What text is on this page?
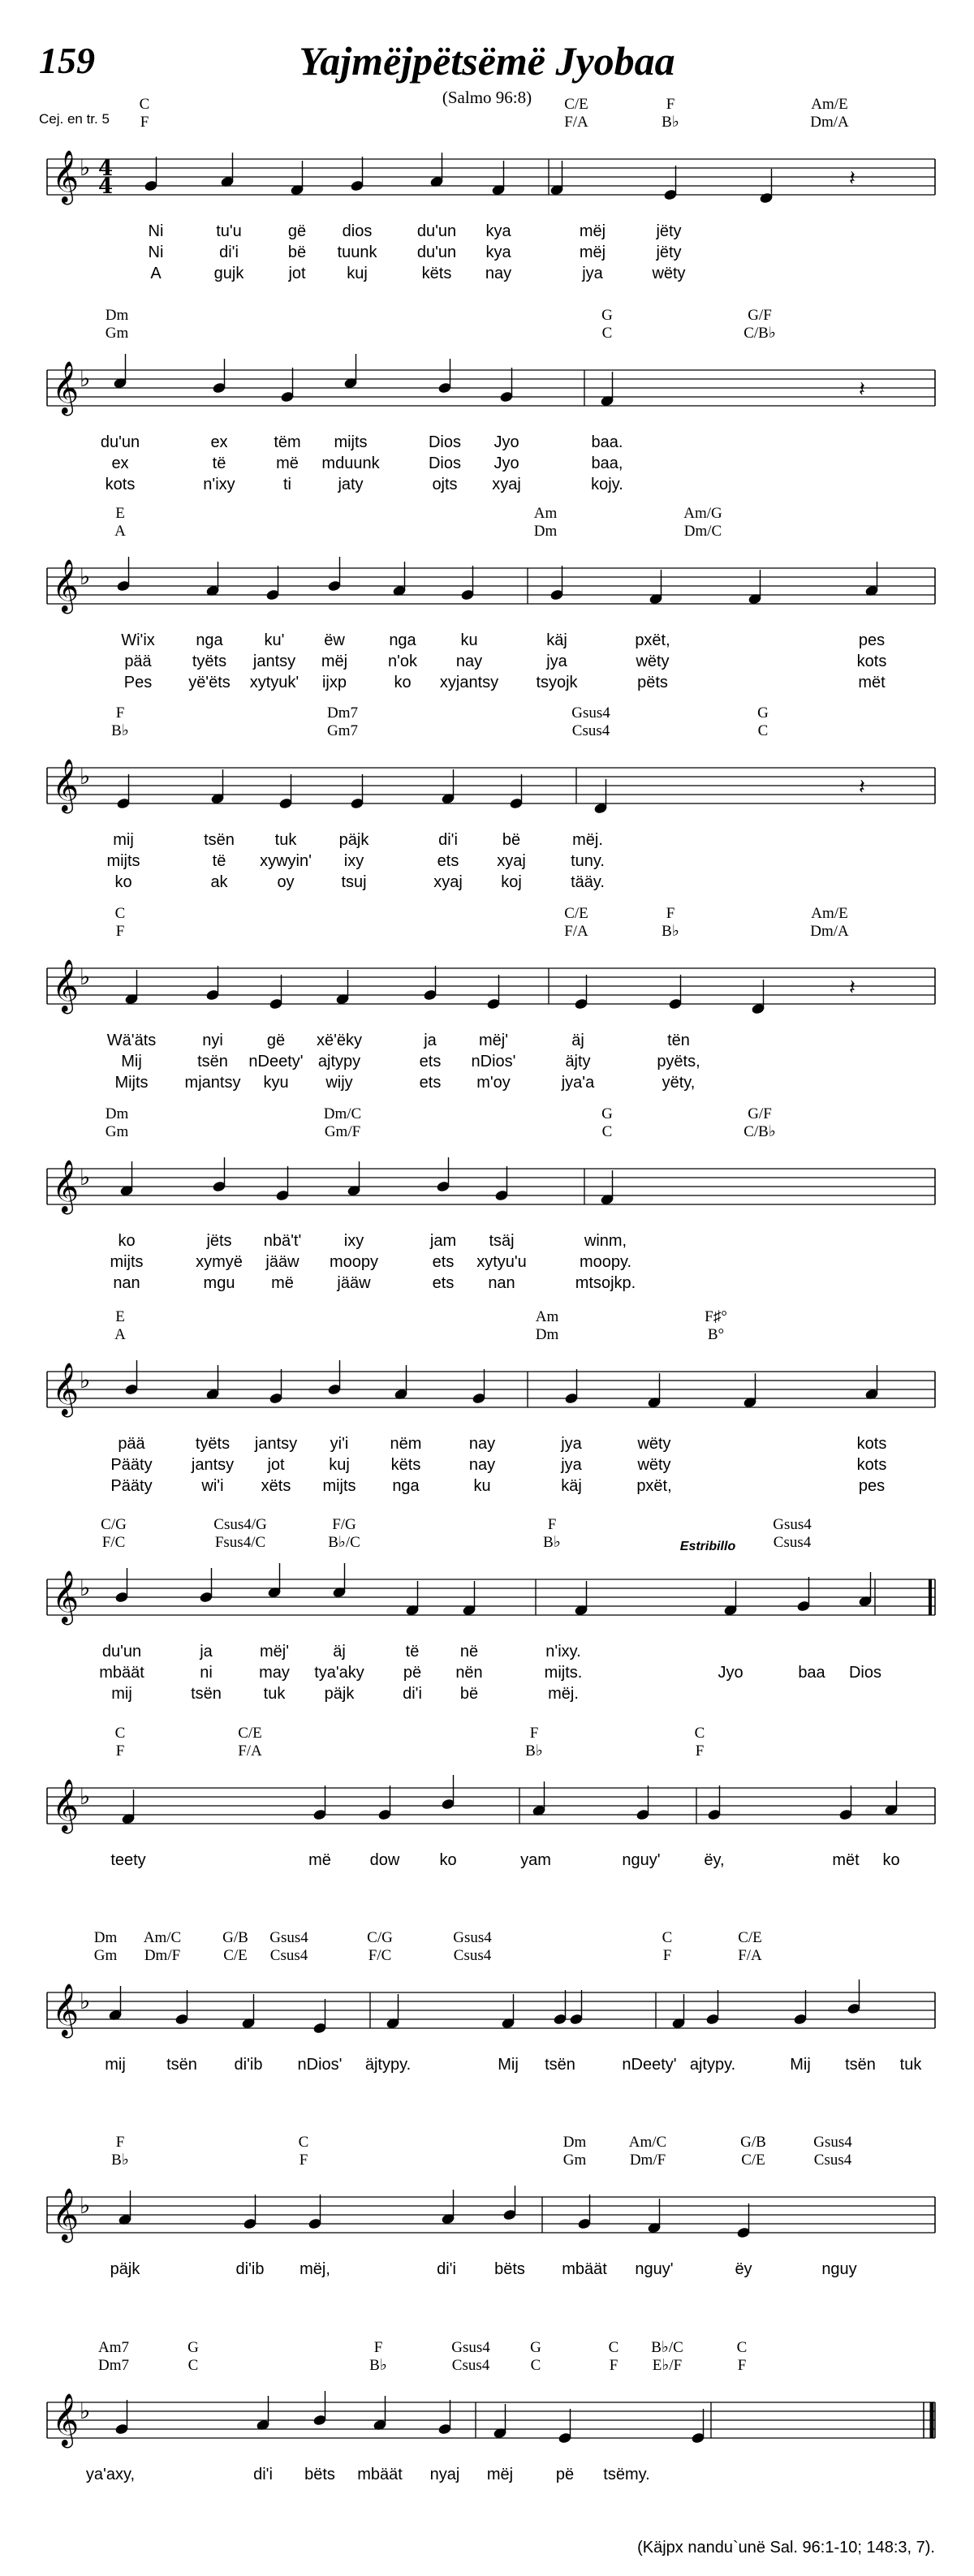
159	Yajmëjpëtsëmë Jyobaa
(Salmo 96:8)
Cej. en tr. 5
𝄞 ♭
C
F
C/E
F/A
F
B♭
Am/E
Dm/A
Ni	tu'u	gë dios	du'un kya	mëj	jëty
Ni	di'i	bë tuunk du'un kya	mëj	jëty
A	gujk	jot	kuj	këts nay	jya	wëty
𝄞 ♭
Dm
Gm
G
C
G/F
C/B♭
du'un	ex	tëm mijts	Dios Jyo	baa.
ex	të	më mduunk	Dios Jyo	baa,
kots	n'ixy	ti	jaty	ojts xyaj	kojy.
𝄞 ♭
E
A
Am
Dm
Am/G
Dm/C
Wi'ix	nga	ku' ëw	nga	ku	käj	pxët,	pes
pää	tyëts jantsy mëj n'ok nay	jya	wëty	kots
Pes yë'ëts xytyuk' ijxp	ko xyjantsy tsyojk	pëts	mët
𝄞 ♭
F
B♭
Dm7
Gm7
Gsus4
Csus4
G
C
mij	tsën tuk	päjk	di'i	bë	mëj.
mijts	të xywyin' ixy	ets xyaj	tuny.
ko	ak	oy	tsuj	xyaj koj	tääy.
𝄞 ♭
C
F
C/E
F/A
F
B♭
Am/E
Dm/A
Wä'äts	nyi	gë xë'ëky	ja	mëj'	äj	tën
Mij	tsën nDeety' ajtypy	ets nDios'	äjty	pyëts,
Mijts mjantsy kyu wijy	ets m'oy	jya'a	yëty,
𝄞 ♭
Dm
Gm
Dm/C
Gm/F
G
C
G/F
C/B♭
ko	jëts nbä't'	ixy	jam tsäj	winm,
mijts	xymyë jääw moopy	ets xytyu'u	moopy.
nan	mgu më	jääw	ets nan	mtsojkp.
𝄞 ♭
E
A
Am
Dm
F♯°
B°
pää	tyëts jantsy yi'i	nëm	nay	jya	wëty	kots
Pääty jantsy jot	kuj	këts	nay	jya	wëty	kots
Pääty	wi'i xëts mijts nga	ku	käj	pxët,	pes
𝄞 ♭
C/G
F/C
Csus4/G
Fsus4/C
F/G
B♭/C
F
B♭
Gsus4
Csus4
du'un	ja	mëj'	äj	të	në	n'ixy.
mbäät	ni	may tya'aky pë nën	mijts.	Jyo	baa Dios
mij	tsën	tuk päjk	di'i bë	mëj.
𝄞 ♭
C
F
C/E
F/A
F
B♭
C
F
teety	më dow ko	yam	nguy'	ëy,	mët ko
𝄞 ♭
Dm
Gm
Am/C
Dm/F
G/B
C/E
Gsus4
Csus4
C/G
F/C
Gsus4
Csus4
C
F
C/E
F/A
mij	tsën di'ib nDios' äjtypy.	Mij tsën	nDeety' ajtypy.	Mij tsën tuk
𝄞 ♭
F
B♭
C
F
Dm
Gm
Am/C
Dm/F
G/B
C/E
Gsus4
Csus4
päjk	di'ib mëj,	di'i bëts mbäät nguy'	ëy	nguy
𝄞 ♭
Am7
Dm7
G
C
F
B♭
Gsus4
Csus4
G
C
C
F
B♭/C
E♭/F
C
F
ya'axy,	di'i bëts mbäät nyaj mëj	pë tsëmy.
4
4	𝄽
𝄽
𝄽
𝄽
Estribillo
(Käjpx nandu`unë Sal. 96:1-10; 148:3, 7).
